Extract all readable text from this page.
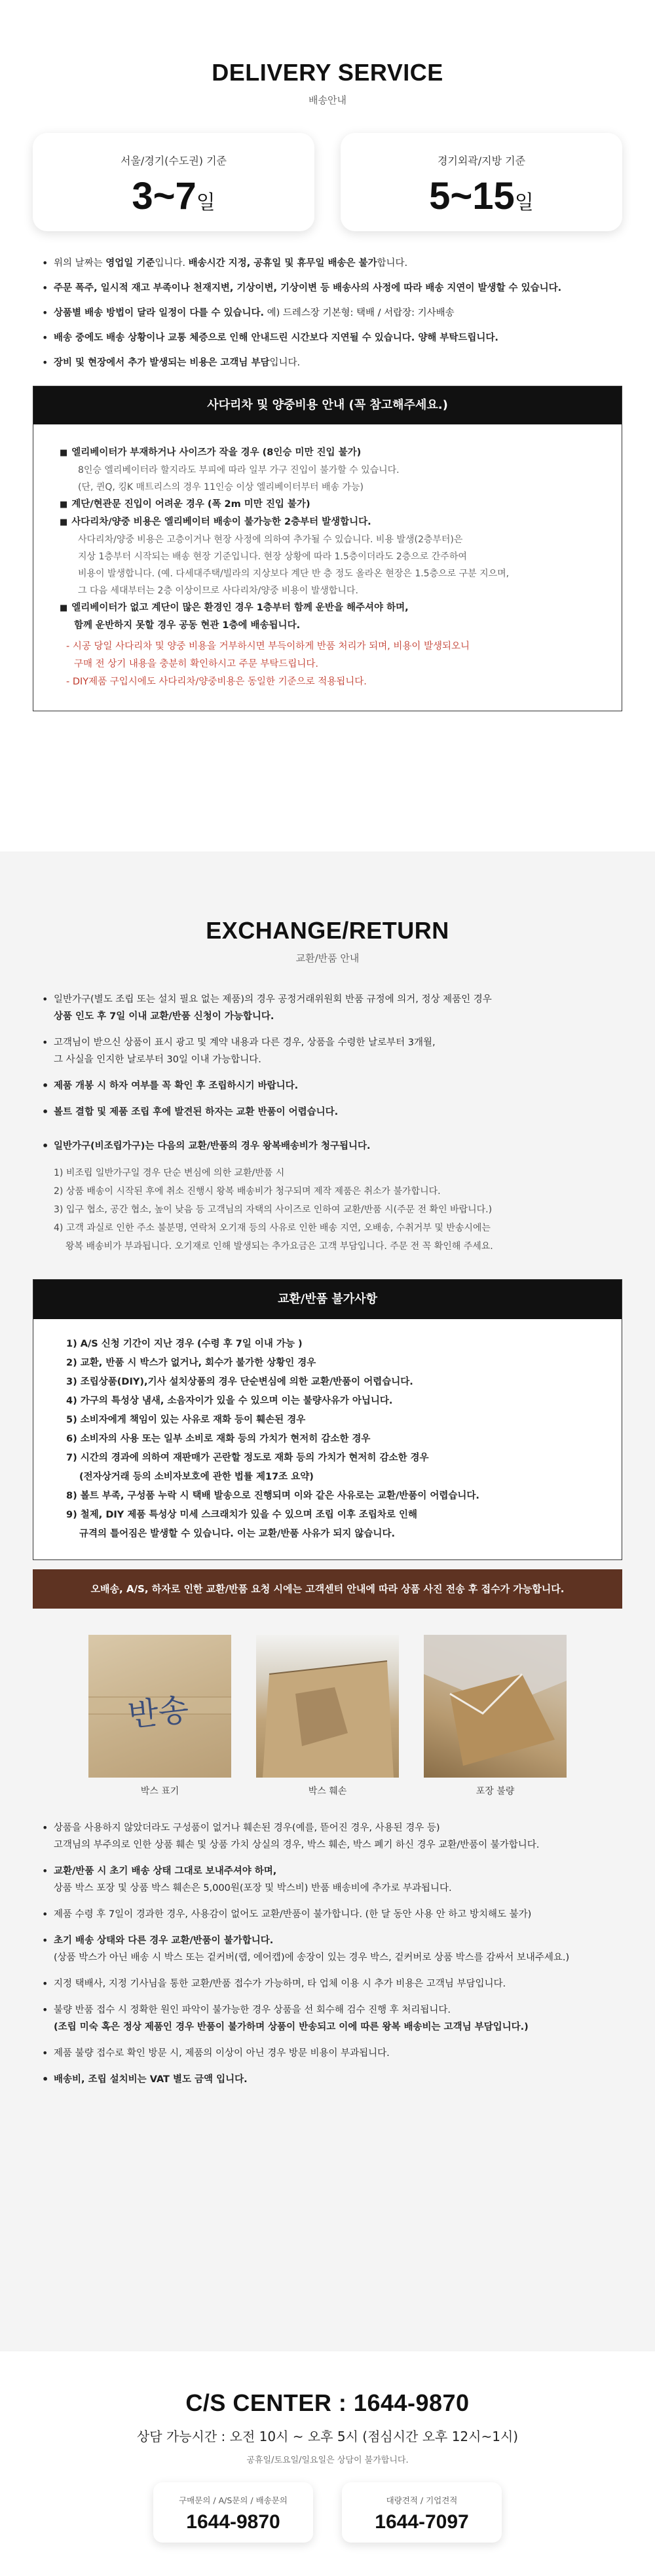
DELIVERY SERVICE
배송안내
서울/경기(수도권) 기준
3~7일
경기외곽/지방 기준
5~15일
• 위의 날짜는 영업일 기준입니다. 배송시간 지정, 공휴일 및 휴무일 배송은 불가합니다.
• 주문 폭주, 일시적 재고 부족이나 천재지변, 기상이변, 기상이변 등 배송사의 사정에 따라 배송 지연이 발생할 수 있습니다.
• 상품별 배송 방법이 달라 일정이 다를 수 있습니다. 예) 드레스장 기본형: 택배 / 서랍장: 기사배송
• 배송 중에도 배송 상황이나 교통 체증으로 인해 안내드린 시간보다 지연될 수 있습니다. 양해 부탁드립니다.
• 장비 및 현장에서 추가 발생되는 비용은 고객님 부담입니다.
사다리차 및 양중비용 안내 (꼭 참고해주세요.)
■ 엘리베이터가 부재하거나 사이즈가 작을 경우 (8인승 미만 진입 불가)
8인승 엘리베이터라 할지라도 부피에 따라 일부 가구 진입이 불가할 수 있습니다.
(단, 퀸Q, 킹K 매트리스의 경우 11인승 이상 엘리베이터부터 배송 가능)
■ 계단/현관문 진입이 어려운 경우 (폭 2m 미만 진입 불가)
■ 사다리차/양중 비용은 엘리베이터 배송이 불가능한 2층부터 발생합니다.
사다리차/양중 비용은 고층이거나 현장 사정에 의하여 추가될 수 있습니다. 비용 발생(2층부터)은
지상 1층부터 시작되는 배송 현장 기준입니다. 현장 상황에 따라 1.5층이더라도 2층으로 간주하여
비용이 발생합니다. (예. 다세대주택/빌라의 지상보다 계단 반 층 정도 올라온 현장은 1.5층으로 구분 지으며,
그 다음 세대부터는 2층 이상이므로 사다리차/양중 비용이 발생합니다.
■ 엘리베이터가 없고 계단이 많은 환경인 경우 1층부터 함께 운반을 해주셔야 하며,
함께 운반하지 못할 경우 공동 현관 1층에 배송됩니다.
- 시공 당일 사다리차 및 양중 비용을 거부하시면 부득이하게 반품 처리가 되며, 비용이 발생되오니
구매 전 상기 내용을 충분히 확인하시고 주문 부탁드립니다.
- DIY제품 구입시에도 사다리차/양중비용은 동일한 기준으로 적용됩니다.
EXCHANGE/RETURN
교환/반품 안내
• 일반가구(별도 조립 또는 설치 필요 없는 제품)의 경우 공정거래위원회 반품 규정에 의거, 정상 제품인 경우
상품 인도 후 7일 이내 교환/반품 신청이 가능합니다.
• 고객님이 받으신 상품이 표시 광고 및 계약 내용과 다른 경우, 상품을 수령한 날로부터 3개월,
그 사실을 인지한 날로부터 30일 이내 가능합니다.
• 제품 개봉 시 하자 여부를 꼭 확인 후 조립하시기 바랍니다.
• 볼트 결합 및 제품 조립 후에 발견된 하자는 교환 반품이 어렵습니다.
• 일반가구(비조립가구)는 다음의 교환/반품의 경우 왕복배송비가 청구됩니다.
1) 비조립 일반가구일 경우 단순 변심에 의한 교환/반품 시
2) 상품 배송이 시작된 후에 취소 진행시 왕복 배송비가 청구되며 제작 제품은 취소가 불가합니다.
3) 입구 협소, 공간 협소, 높이 낮음 등 고객님의 자택의 사이즈로 인하여 교환/반품 시(주문 전 확인 바랍니다.)
4) 고객 과실로 인한 주소 불분명, 연락처 오기재 등의 사유로 인한 배송 지연, 오배송, 수취거부 및 반송시에는
왕복 배송비가 부과됩니다. 오기재로 인해 발생되는 추가요금은 고객 부담입니다. 주문 전 꼭 확인해 주세요.
교환/반품 불가사항
1) A/S 신청 기간이 지난 경우 (수령 후 7일 이내 가능 )
2) 교환, 반품 시 박스가 없거나, 회수가 불가한 상황인 경우
3) 조립상품(DIY),기사 설치상품의 경우 단순변심에 의한 교환/반품이 어렵습니다.
4) 가구의 특성상 냄새, 소음자이가 있을 수 있으며 이는 불량사유가 아닙니다.
5) 소비자에게 책임이 있는 사유로 재화 등이 훼손된 경우
6) 소비자의 사용 또는 일부 소비로 재화 등의 가치가 현저히 감소한 경우
7) 시간의 경과에 의하여 재판매가 곤란할 정도로 재화 등의 가치가 현저히 감소한 경우
(전자상거래 등의 소비자보호에 관한 법률 제17조 요약)
8) 볼트 부족, 구성품 누락 시 택배 발송으로 진행되며 이와 같은 사유로는 교환/반품이 어렵습니다.
9) 철제, DIY 제품 특성상 미세 스크래치가 있을 수 있으며 조립 이후 조립차로 인해
규격의 틀어짐은 발생할 수 있습니다. 이는 교환/반품 사유가 되지 않습니다.
오배송, A/S, 하자로 인한 교환/반품 요청 시에는 고객센터 안내에 따라 상품 사진 전송 후 접수가 가능합니다.
반송
박스 표기	박스 훼손	포장 불량
• 상품을 사용하지 않았더라도 구성품이 없거나 훼손된 경우(예를, 뜯어진 경우, 사용된 경우 등)
고객님의 부주의로 인한 상품 훼손 및 상품 가치 상실의 경우, 박스 훼손, 박스 폐기 하신 경우 교환/반품이 불가합니다.
• 교환/반품 시 초기 배송 상태 그대로 보내주셔야 하며,
상품 박스 포장 및 상품 박스 훼손은 5,000원(포장 및 박스비) 반품 배송비에 추가로 부과됩니다.
• 제품 수령 후 7일이 경과한 경우, 사용감이 없어도 교환/반품이 불가합니다. (한 달 동안 사용 안 하고 방치해도 불가)
• 초기 배송 상태와 다른 경우 교환/반품이 불가합니다.
(상품 박스가 아닌 배송 시 박스 또는 겉커버(랩, 에어캡)에 송장이 있는 경우 박스, 겉커버로 상품 박스를 감싸서 보내주세요.)
• 지정 택배사, 지정 기사님을 통한 교환/반품 접수가 가능하며, 타 업체 이용 시 추가 비용은 고객님 부담입니다.
• 불량 반품 접수 시 정확한 원인 파악이 불가능한 경우 상품을 선 회수해 검수 진행 후 처리됩니다.
(조립 미숙 혹은 정상 제품인 경우 반품이 불가하며 상품이 반송되고 이에 따른 왕복 배송비는 고객님 부담입니다.)
• 제품 불량 접수로 확인 방문 시, 제품의 이상이 아닌 경우 방문 비용이 부과됩니다.
• 배송비, 조립 설치비는 VAT 별도 금액 입니다.
C/S CENTER : 1644-9870
상담 가능시간 : 오전 10시 ~ 오후 5시 (점심시간 오후 12시~1시)
공휴일/토요일/일요일은 상담이 불가합니다.
구매문의 / A/S문의 / 배송문의
1644-9870
대량견적 / 기업견적
1644-7097
